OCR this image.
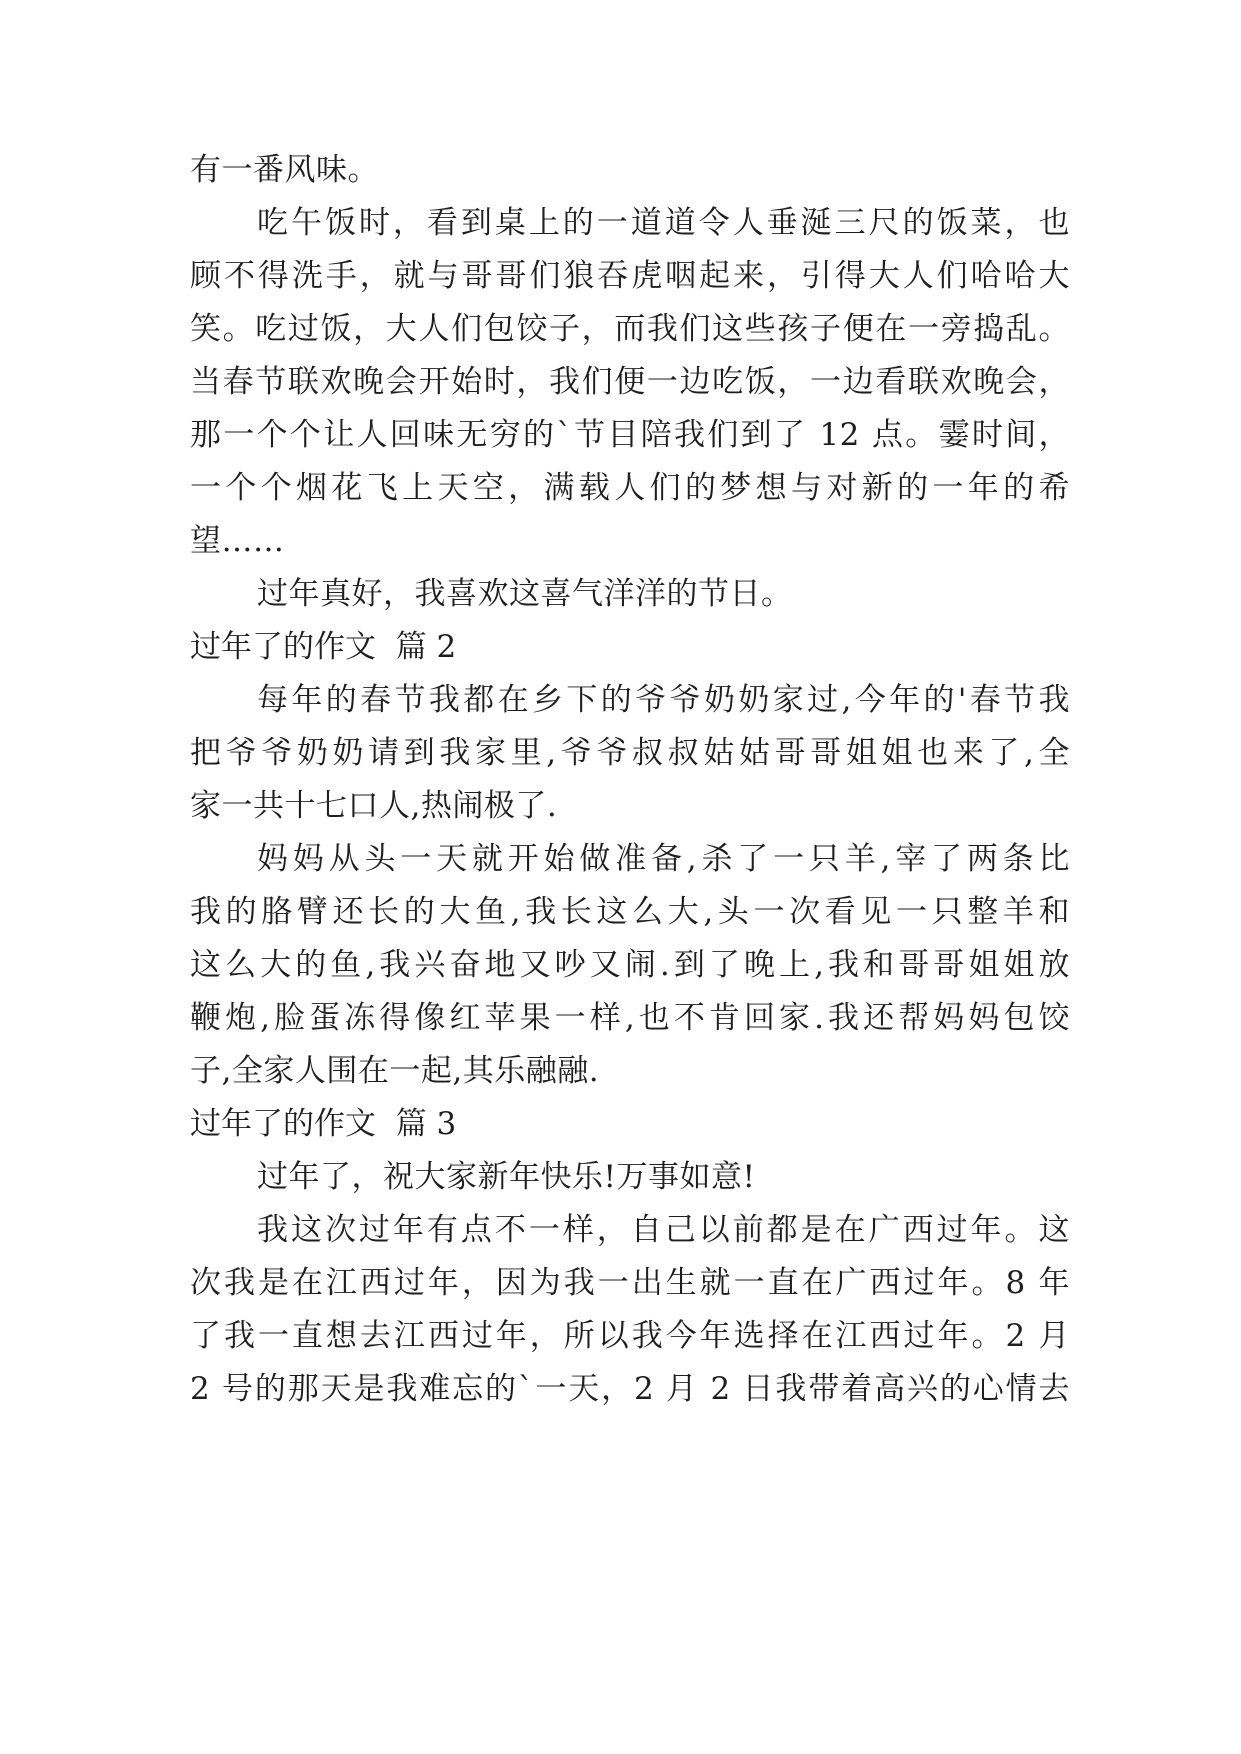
有一番风味。
吃午饭时，看到桌上的一道道令人垂涎三尺的饭菜，也
顾不得洗手，就与哥哥们狼吞虎咽起来，引得大人们哈哈大
笑。吃过饭，大人们包饺子，而我们这些孩子便在一旁捣乱。
当春节联欢晚会开始时，我们便一边吃饭，一边看联欢晚会，
那一个个让人回味无穷的`节目陪我们到了 12 点。霎时间，
一个个烟花飞上天空，满载人们的梦想与对新的一年的希
望……
过年真好，我喜欢这喜气洋洋的节日。
过年了的作文  篇 2
每年的春节我都在乡下的爷爷奶奶家过,今年的'春节我
把爷爷奶奶请到我家里,爷爷叔叔姑姑哥哥姐姐也来了,全
家一共十七口人,热闹极了.
妈妈从头一天就开始做准备,杀了一只羊,宰了两条比
我的胳臂还长的大鱼,我长这么大,头一次看见一只整羊和
这么大的鱼,我兴奋地又吵又闹.到了晚上,我和哥哥姐姐放
鞭炮,脸蛋冻得像红苹果一样,也不肯回家.我还帮妈妈包饺
子,全家人围在一起,其乐融融.
过年了的作文  篇 3
过年了，祝大家新年快乐!万事如意!
我这次过年有点不一样，自己以前都是在广西过年。这
次我是在江西过年，因为我一出生就一直在广西过年。8 年
了我一直想去江西过年，所以我今年选择在江西过年。2 月
2 号的那天是我难忘的`一天，2 月 2 日我带着高兴的心情去
